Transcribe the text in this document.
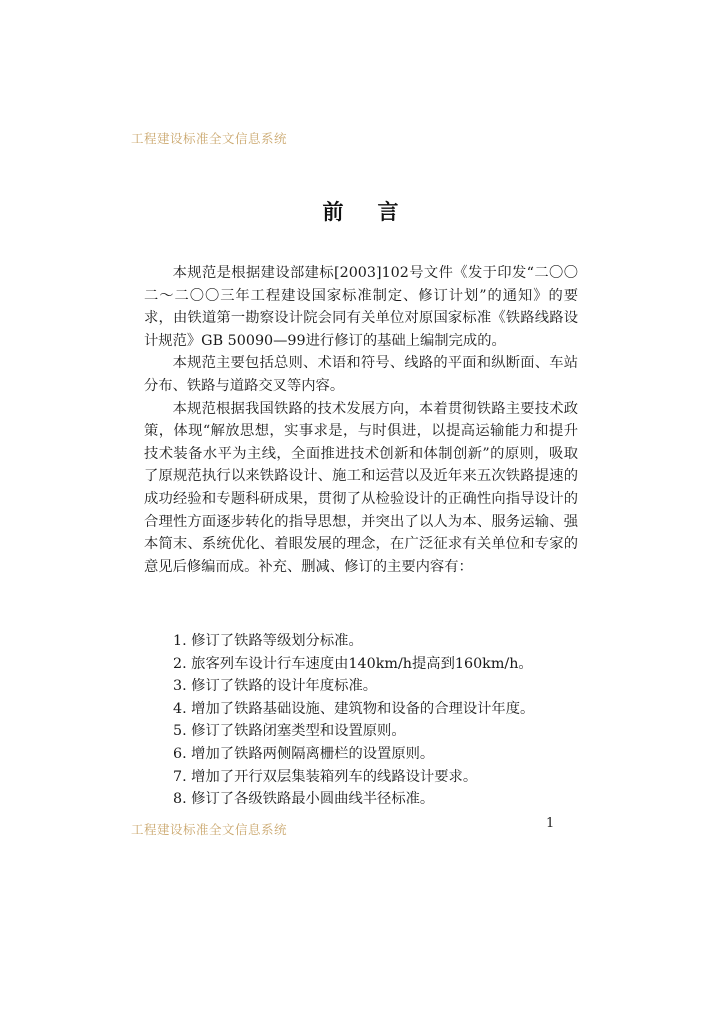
工程建设标准全文信息系统
前言

本规范是根据建设部建标[2003]102号文件《发于印发“二〇〇二～二〇〇三年工程建设国家标准制定、修订计划”的通知》的要求，由铁道第一勘察设计院会同有关单位对原国家标准《铁路线路设计规范》GB 50090—99进行修订的基础上编制完成的。

本规范主要包括总则、术语和符号、线路的平面和纵断面、车站分布、铁路与道路交叉等内容。

本规范根据我国铁路的技术发展方向，本着贯彻铁路主要技术政策，体现“解放思想，实事求是，与时俱进，以提高运输能力和提升技术装备水平为主线，全面推进技术创新和体制创新”的原则，吸取了原规范执行以来铁路设计、施工和运营以及近年来五次铁路提速的成功经验和专题科研成果，贯彻了从检验设计的正确性向指导设计的合理性方面逐步转化的指导思想，并突出了以人为本、服务运输、强本简末、系统优化、着眼发展的理念，在广泛征求有关单位和专家的意见后修编而成。补充、删减、修订的主要内容有：

1. 修订了铁路等级划分标准。
2. 旅客列车设计行车速度由140km/h提高到160km/h。
3. 修订了铁路的设计年度标准。
4. 增加了铁路基础设施、建筑物和设备的合理设计年度。
5. 修订了铁路闭塞类型和设置原则。
6. 增加了铁路两侧隔离栅栏的设置原则。
7. 增加了开行双层集装箱列车的线路设计要求。
8. 修订了各级铁路最小圆曲线半径标准。
工程建设标准全文信息系统	1
